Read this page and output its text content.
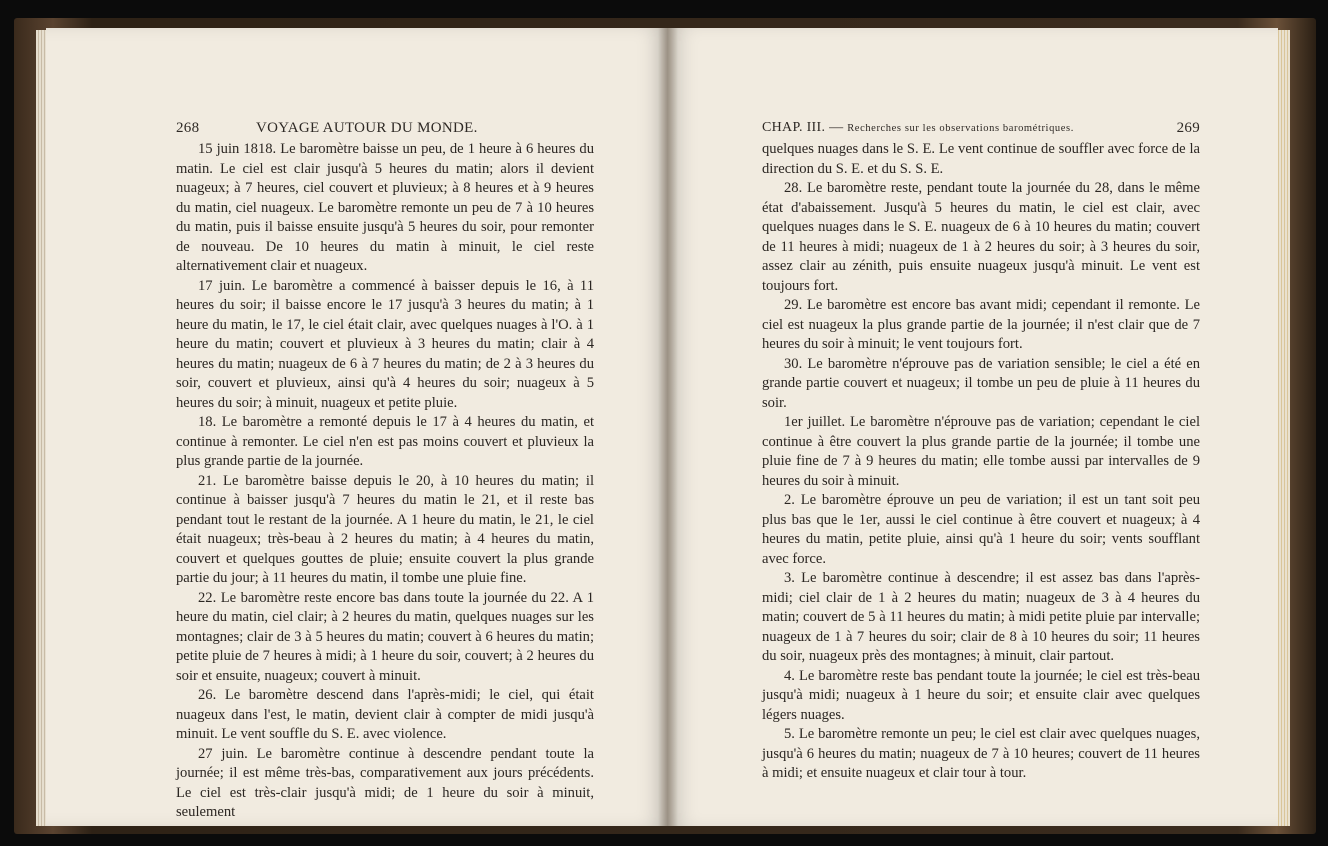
268	VOYAGE AUTOUR DU MONDE.

15 juin 1818. Le baromètre baisse un peu, de 1 heure à 6 heures du matin. Le ciel est clair jusqu'à 5 heures du matin; alors il devient nuageux; à 7 heures, ciel couvert et pluvieux; à 8 heures et à 9 heures du matin, ciel nuageux. Le baromètre remonte un peu de 7 à 10 heures du matin, puis il baisse ensuite jusqu'à 5 heures du soir, pour remonter de nouveau. De 10 heures du matin à minuit, le ciel reste alternativement clair et nuageux.

17 juin. Le baromètre a commencé à baisser depuis le 16, à 11 heures du soir; il baisse encore le 17 jusqu'à 3 heures du matin; à 1 heure du matin, le 17, le ciel était clair, avec quelques nuages à l'O. à 1 heure du matin; couvert et pluvieux à 3 heures du matin; clair à 4 heures du matin; nuageux de 6 à 7 heures du matin; de 2 à 3 heures du soir, couvert et pluvieux, ainsi qu'à 4 heures du soir; nuageux à 5 heures du soir; à minuit, nuageux et petite pluie.

18. Le baromètre a remonté depuis le 17 à 4 heures du matin, et continue à remonter. Le ciel n'en est pas moins couvert et pluvieux la plus grande partie de la journée.

21. Le baromètre baisse depuis le 20, à 10 heures du matin; il continue à baisser jusqu'à 7 heures du matin le 21, et il reste bas pendant tout le restant de la journée. A 1 heure du matin, le 21, le ciel était nuageux; très-beau à 2 heures du matin; à 4 heures du matin, couvert et quelques gouttes de pluie; ensuite couvert la plus grande partie du jour; à 11 heures du matin, il tombe une pluie fine.

22. Le baromètre reste encore bas dans toute la journée du 22. A 1 heure du matin, ciel clair; à 2 heures du matin, quelques nuages sur les montagnes; clair de 3 à 5 heures du matin; couvert à 6 heures du matin; petite pluie de 7 heures à midi; à 1 heure du soir, couvert; à 2 heures du soir et ensuite, nuageux; couvert à minuit.

26. Le baromètre descend dans l'après-midi; le ciel, qui était nuageux dans l'est, le matin, devient clair à compter de midi jusqu'à minuit. Le vent souffle du S. E. avec violence.

27 juin. Le baromètre continue à descendre pendant toute la journée; il est même très-bas, comparativement aux jours précédents. Le ciel est très-clair jusqu'à midi; de 1 heure du soir à minuit, seulement

CHAP. III. — Recherches sur les observations barométriques.	269

quelques nuages dans le S. E. Le vent continue de souffler avec force de la direction du S. E. et du S. S. E.

28. Le baromètre reste, pendant toute la journée du 28, dans le même état d'abaissement. Jusqu'à 5 heures du matin, le ciel est clair, avec quelques nuages dans le S. E. nuageux de 6 à 10 heures du matin; couvert de 11 heures à midi; nuageux de 1 à 2 heures du soir; à 3 heures du soir, assez clair au zénith, puis ensuite nuageux jusqu'à minuit. Le vent est toujours fort.

29. Le baromètre est encore bas avant midi; cependant il remonte. Le ciel est nuageux la plus grande partie de la journée; il n'est clair que de 7 heures du soir à minuit; le vent toujours fort.

30. Le baromètre n'éprouve pas de variation sensible; le ciel a été en grande partie couvert et nuageux; il tombe un peu de pluie à 11 heures du soir.

1er juillet. Le baromètre n'éprouve pas de variation; cependant le ciel continue à être couvert la plus grande partie de la journée; il tombe une pluie fine de 7 à 9 heures du matin; elle tombe aussi par intervalles de 9 heures du soir à minuit.

2. Le baromètre éprouve un peu de variation; il est un tant soit peu plus bas que le 1er, aussi le ciel continue à être couvert et nuageux; à 4 heures du matin, petite pluie, ainsi qu'à 1 heure du soir; vents soufflant avec force.

3. Le baromètre continue à descendre; il est assez bas dans l'après-midi; ciel clair de 1 à 2 heures du matin; nuageux de 3 à 4 heures du matin; couvert de 5 à 11 heures du matin; à midi petite pluie par intervalle; nuageux de 1 à 7 heures du soir; clair de 8 à 10 heures du soir; 11 heures du soir, nuageux près des montagnes; à minuit, clair partout.

4. Le baromètre reste bas pendant toute la journée; le ciel est très-beau jusqu'à midi; nuageux à 1 heure du soir; et ensuite clair avec quelques légers nuages.

5. Le baromètre remonte un peu; le ciel est clair avec quelques nuages, jusqu'à 6 heures du matin; nuageux de 7 à 10 heures; couvert de 11 heures à midi; et ensuite nuageux et clair tour à tour.
